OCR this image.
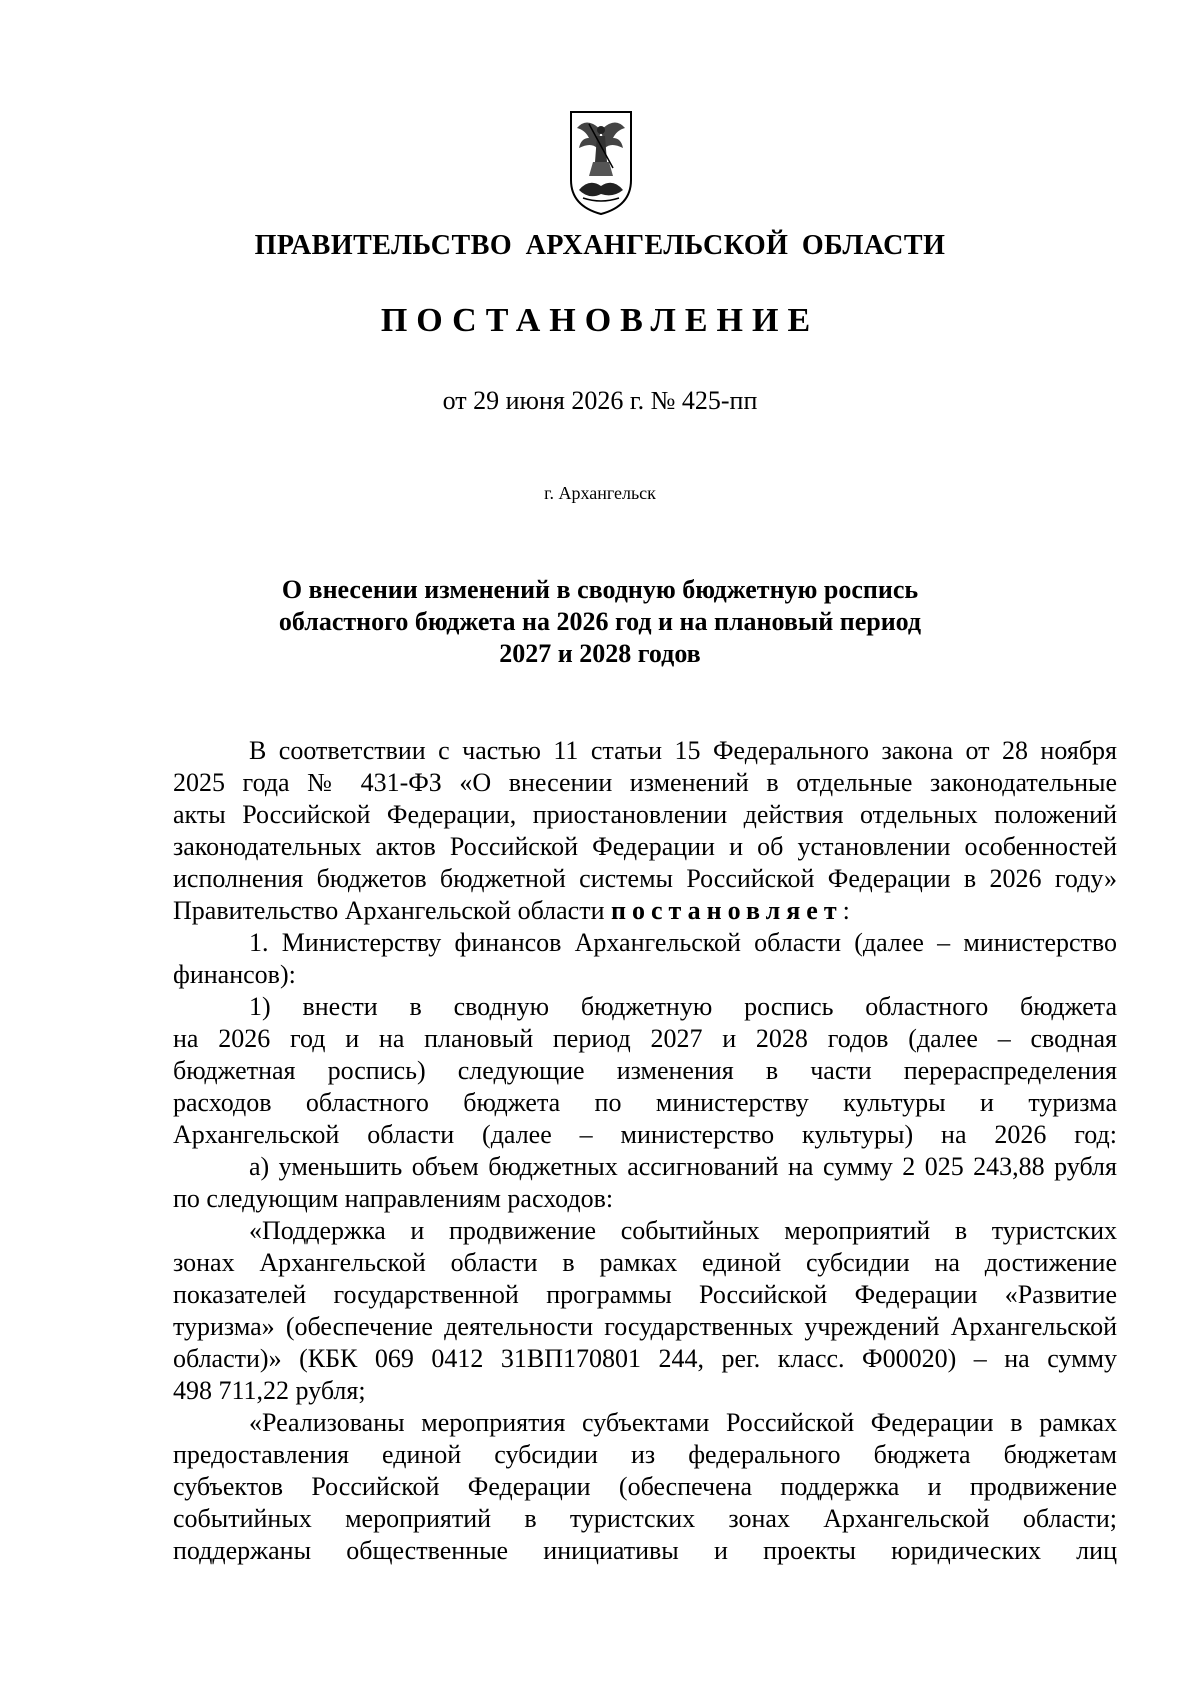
ПРАВИТЕЛЬСТВО АРХАНГЕЛЬСКОЙ ОБЛАСТИ
ПОСТАНОВЛЕНИЕ
от 29 июня 2026 г. № 425-пп
г. Архангельск
О внесении изменений в сводную бюджетную роспись
областного бюджета на 2026 год и на плановый период
2027 и 2028 годов
В соответствии с частью 11 статьи 15 Федерального закона от 28 ноября
2025 года № 431-ФЗ «О внесении изменений в отдельные законодательные
акты Российской Федерации, приостановлении действия отдельных положений
законодательных актов Российской Федерации и об установлении особенностей
исполнения бюджетов бюджетной системы Российской Федерации в 2026 году»
Правительство Архангельской области постановляет:
1. Министерству финансов Архангельской области (далее – министерство
финансов):
1) внести в сводную бюджетную роспись областного бюджета
на 2026 год и на плановый период 2027 и 2028 годов (далее – сводная
бюджетная роспись) следующие изменения в части перераспределения
расходов областного бюджета по министерству культуры и туризма
Архангельской области (далее – министерство культуры) на 2026 год:
а) уменьшить объем бюджетных ассигнований на сумму 2 025 243,88 рубля
по следующим направлениям расходов:
«Поддержка и продвижение событийных мероприятий в туристских
зонах Архангельской области в рамках единой субсидии на достижение
показателей государственной программы Российской Федерации «Развитие
туризма» (обеспечение деятельности государственных учреждений Архангельской
области)» (КБК 069 0412 31ВП170801 244, рег. класс. Ф00020) – на сумму
498 711,22 рубля;
«Реализованы мероприятия субъектами Российской Федерации в рамках
предоставления единой субсидии из федерального бюджета бюджетам
субъектов Российской Федерации (обеспечена поддержка и продвижение
событийных мероприятий в туристских зонах Архангельской области;
поддержаны общественные инициативы и проекты юридических лиц
